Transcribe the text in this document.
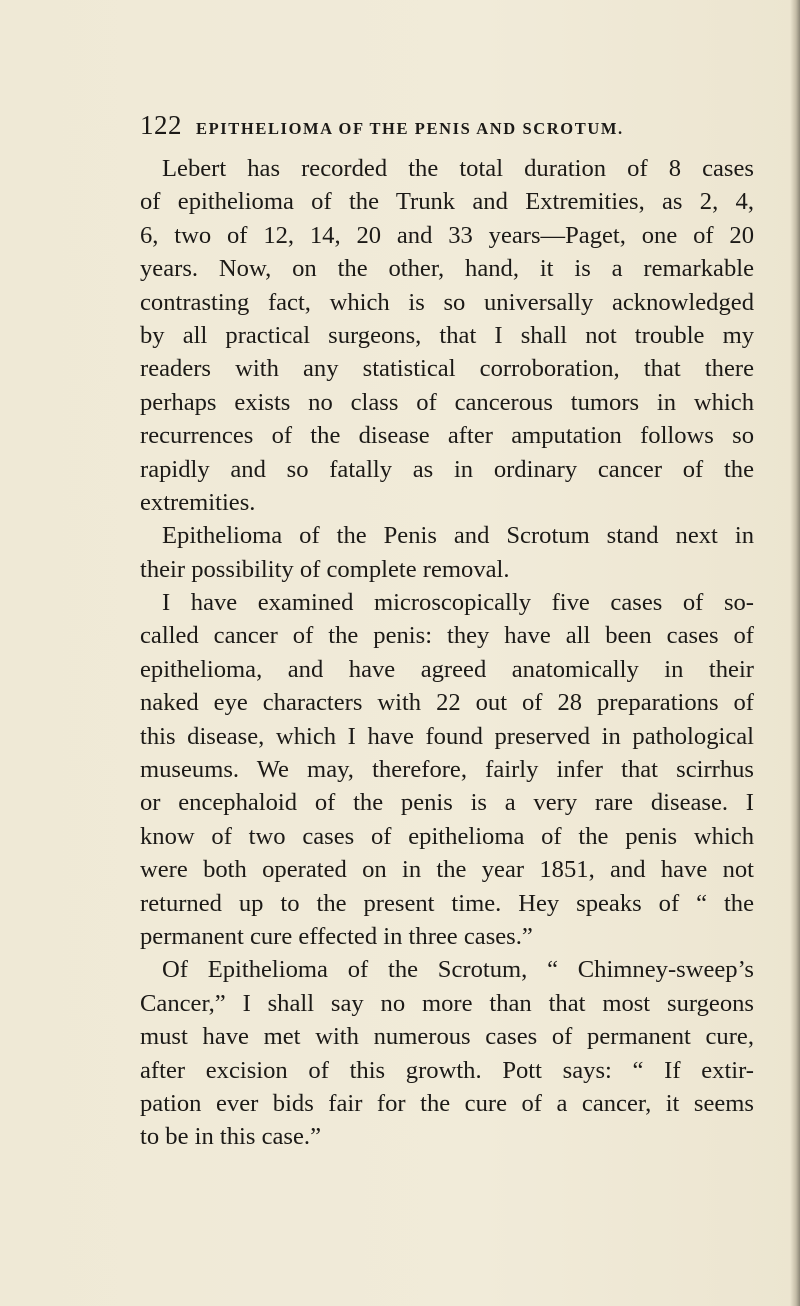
122 EPITHELIOMA OF THE PENIS AND SCROTUM.
Lebert has recorded the total duration of 8 cases
of epithelioma of the Trunk and Extremities, as 2, 4,
6, two of 12, 14, 20 and 33 years—Paget, one of 20
years. Now, on the other, hand, it is a remarkable
contrasting fact, which is so universally acknowledged
by all practical surgeons, that I shall not trouble my
readers with any statistical corroboration, that there
perhaps exists no class of cancerous tumors in which
recurrences of the disease after amputation follows so
rapidly and so fatally as in ordinary cancer of the
extremities.
Epithelioma of the Penis and Scrotum stand next in
their possibility of complete removal.
I have examined microscopically five cases of so-
called cancer of the penis: they have all been cases of
epithelioma, and have agreed anatomically in their
naked eye characters with 22 out of 28 preparations of
this disease, which I have found preserved in pathological
museums. We may, therefore, fairly infer that scirrhus
or encephaloid of the penis is a very rare disease. I
know of two cases of epithelioma of the penis which
were both operated on in the year 1851, and have not
returned up to the present time. Hey speaks of “ the
permanent cure effected in three cases.”
Of Epithelioma of the Scrotum, “ Chimney-sweep’s
Cancer,” I shall say no more than that most surgeons
must have met with numerous cases of permanent cure,
after excision of this growth. Pott says: “ If extir-
pation ever bids fair for the cure of a cancer, it seems
to be in this case.”
